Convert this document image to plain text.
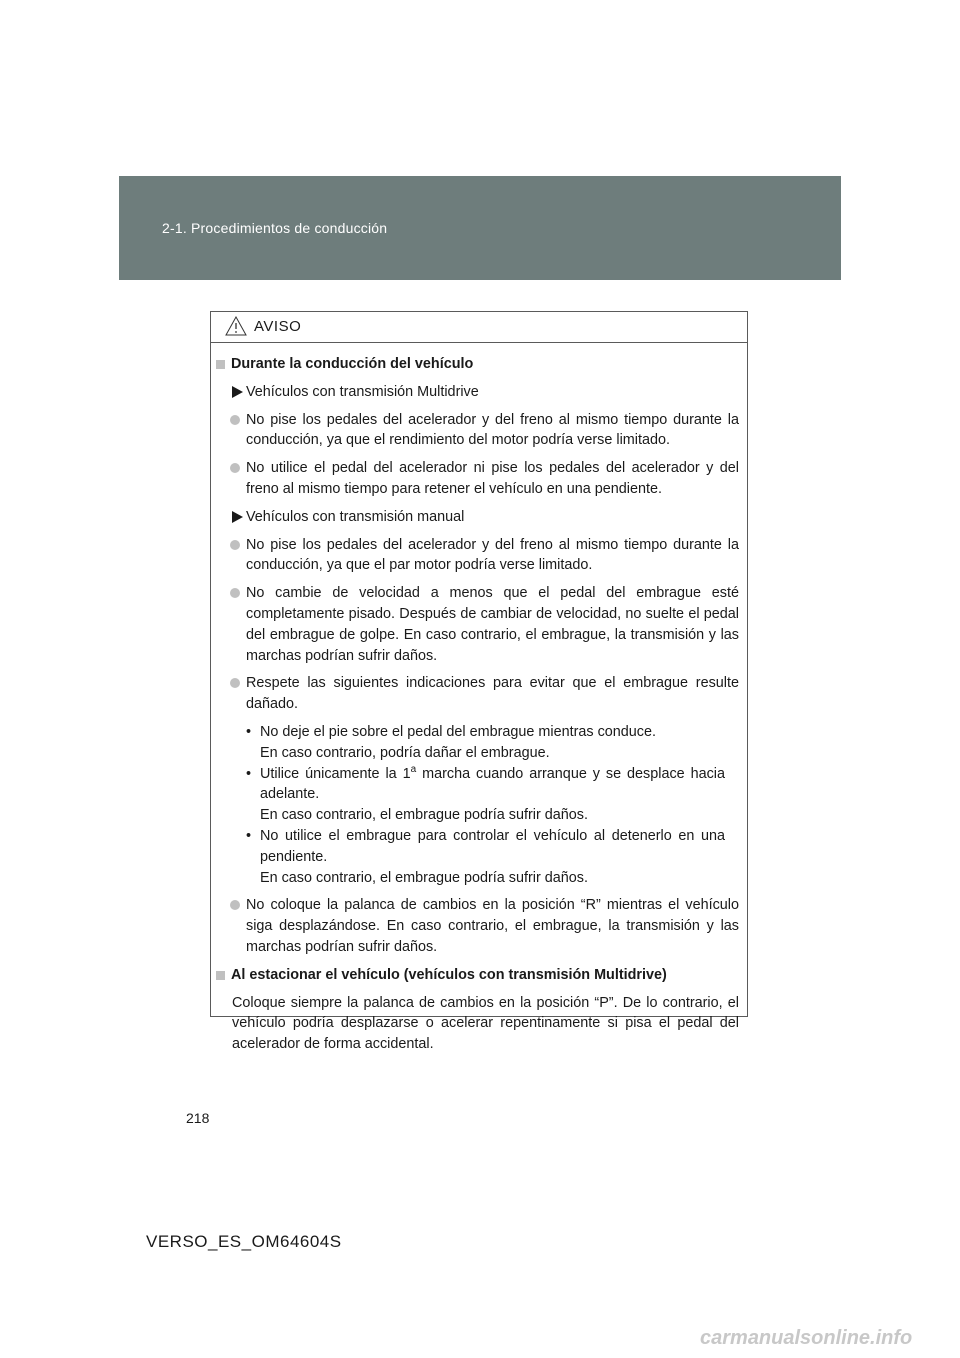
2-1. Procedimientos de conducción
AVISO
Durante la conducción del vehículo
Vehículos con transmisión Multidrive
No pise los pedales del acelerador y del freno al mismo tiempo durante la conducción, ya que el rendimiento del motor podría verse limitado.
No utilice el pedal del acelerador ni pise los pedales del acelerador y del freno al mismo tiempo para retener el vehículo en una pendiente.
Vehículos con transmisión manual
No pise los pedales del acelerador y del freno al mismo tiempo durante la conducción, ya que el par motor podría verse limitado.
No cambie de velocidad a menos que el pedal del embrague esté completamente pisado. Después de cambiar de velocidad, no suelte el pedal del embrague de golpe. En caso contrario, el embrague, la transmisión y las marchas podrían sufrir daños.
Respete las siguientes indicaciones para evitar que el embrague resulte dañado.
• No deje el pie sobre el pedal del embrague mientras conduce.
En caso contrario, podría dañar el embrague.
• Utilice únicamente la 1$^a$ marcha cuando arranque y se desplace hacia adelante.
En caso contrario, el embrague podría sufrir daños.
• No utilice el embrague para controlar el vehículo al detenerlo en una pendiente.
En caso contrario, el embrague podría sufrir daños.
No coloque la palanca de cambios en la posición “R” mientras el vehículo siga desplazándose. En caso contrario, el embrague, la transmisión y las marchas podrían sufrir daños.
Al estacionar el vehículo (vehículos con transmisión Multidrive)
Coloque siempre la palanca de cambios en la posición “P”. De lo contrario, el vehículo podría desplazarse o acelerar repentinamente si pisa el pedal del acelerador de forma accidental.
218
VERSO_ES_OM64604S
carmanualsonline.info
